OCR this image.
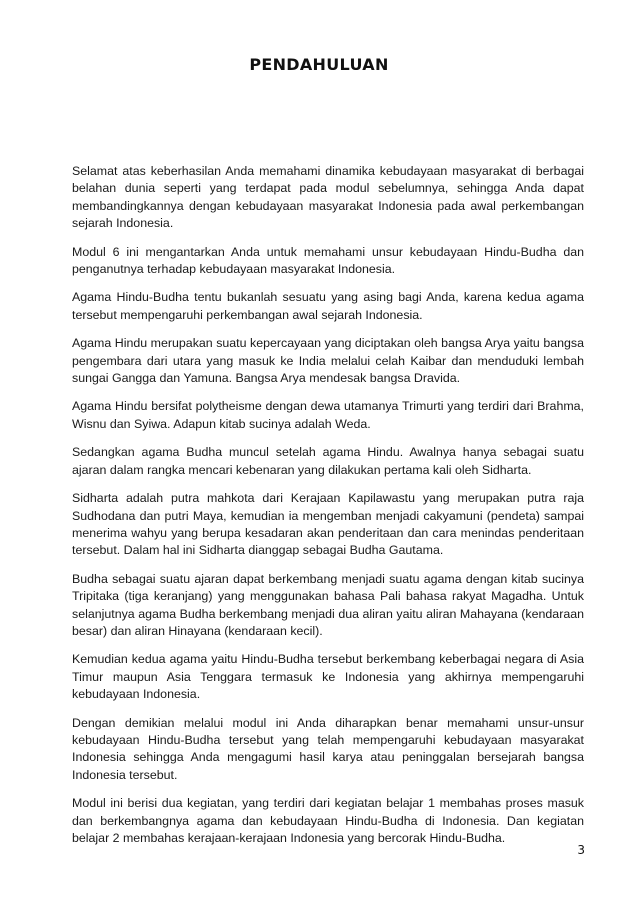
PENDAHULUAN

Selamat atas keberhasilan Anda memahami dinamika kebudayaan masyarakat di berbagai belahan dunia seperti yang terdapat pada modul sebelumnya, sehingga Anda dapat membandingkannya dengan kebudayaan masyarakat Indonesia pada awal perkembangan sejarah Indonesia.

Modul 6 ini mengantarkan Anda untuk memahami unsur kebudayaan Hindu-Budha dan penganutnya terhadap kebudayaan masyarakat Indonesia.

Agama Hindu-Budha tentu bukanlah sesuatu yang asing bagi Anda, karena kedua agama tersebut mempengaruhi perkembangan awal sejarah Indonesia.

Agama Hindu merupakan suatu kepercayaan yang diciptakan oleh bangsa Arya yaitu bangsa pengembara dari utara yang masuk ke India melalui celah Kaibar dan menduduki lembah sungai Gangga dan Yamuna. Bangsa Arya mendesak bangsa Dravida.

Agama Hindu bersifat polytheisme dengan dewa utamanya Trimurti yang terdiri dari Brahma, Wisnu dan Syiwa. Adapun kitab sucinya adalah Weda.

Sedangkan agama Budha muncul setelah agama Hindu. Awalnya hanya sebagai suatu ajaran dalam rangka mencari kebenaran yang dilakukan pertama kali oleh Sidharta.

Sidharta adalah putra mahkota dari Kerajaan Kapilawastu yang merupakan putra raja Sudhodana dan putri Maya, kemudian ia mengemban menjadi cakyamuni (pendeta) sampai menerima wahyu yang berupa kesadaran akan penderitaan dan cara menindas penderitaan tersebut. Dalam hal ini Sidharta dianggap sebagai Budha Gautama.

Budha sebagai suatu ajaran dapat berkembang menjadi suatu agama dengan kitab sucinya Tripitaka (tiga keranjang) yang menggunakan bahasa Pali bahasa rakyat Magadha. Untuk selanjutnya agama Budha berkembang menjadi dua aliran yaitu aliran Mahayana (kendaraan besar) dan aliran Hinayana (kendaraan kecil).

Kemudian kedua agama yaitu Hindu-Budha tersebut berkembang keberbagai negara di Asia Timur maupun Asia Tenggara termasuk ke Indonesia yang akhirnya mempengaruhi kebudayaan Indonesia.

Dengan demikian melalui modul ini Anda diharapkan benar memahami unsur-unsur kebudayaan Hindu-Budha tersebut yang telah mempengaruhi kebudayaan masyarakat Indonesia sehingga Anda mengagumi hasil karya atau peninggalan bersejarah bangsa Indonesia tersebut.

Modul ini berisi dua kegiatan, yang terdiri dari kegiatan belajar 1 membahas proses masuk dan berkembangnya agama dan kebudayaan Hindu-Budha di Indonesia. Dan kegiatan belajar 2 membahas kerajaan-kerajaan Indonesia yang bercorak Hindu-Budha.

3
